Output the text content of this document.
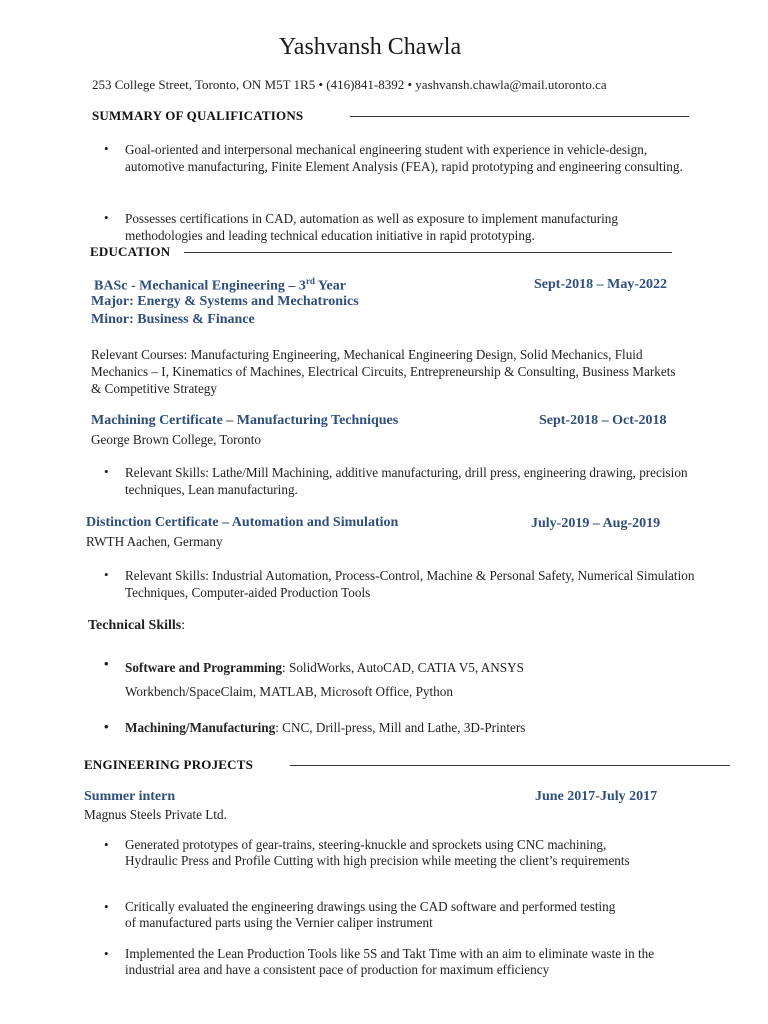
Yashvansh Chawla
253 College Street, Toronto, ON M5T 1R5 • (416)841-8392 • yashvansh.chawla@mail.utoronto.ca
SUMMARY OF QUALIFICATIONS
• Goal-oriented and interpersonal mechanical engineering student with experience in vehicle-design, automotive manufacturing, Finite Element Analysis (FEA), rapid prototyping and engineering consulting.
• Possesses certifications in CAD, automation as well as exposure to implement manufacturing methodologies and leading technical education initiative in rapid prototyping.
EDUCATION
BASc - Mechanical Engineering – 3rd Year	Sept-2018 – May-2022
Major: Energy & Systems and Mechatronics
Minor: Business & Finance
Relevant Courses: Manufacturing Engineering, Mechanical Engineering Design, Solid Mechanics, Fluid Mechanics – I, Kinematics of Machines, Electrical Circuits, Entrepreneurship & Consulting, Business Markets & Competitive Strategy
Machining Certificate – Manufacturing Techniques	Sept-2018 – Oct-2018
George Brown College, Toronto
• Relevant Skills: Lathe/Mill Machining, additive manufacturing, drill press, engineering drawing, precision techniques, Lean manufacturing.
Distinction Certificate – Automation and Simulation	July-2019 – Aug-2019
RWTH Aachen, Germany
• Relevant Skills: Industrial Automation, Process-Control, Machine & Personal Safety, Numerical Simulation Techniques, Computer-aided Production Tools
Technical Skills:
• Software and Programming: SolidWorks, AutoCAD, CATIA V5, ANSYS Workbench/SpaceClaim, MATLAB, Microsoft Office, Python
• Machining/Manufacturing: CNC, Drill-press, Mill and Lathe, 3D-Printers
ENGINEERING PROJECTS
Summer intern	June 2017-July 2017
Magnus Steels Private Ltd.
• Generated prototypes of gear-trains, steering-knuckle and sprockets using CNC machining, Hydraulic Press and Profile Cutting with high precision while meeting the client’s requirements
• Critically evaluated the engineering drawings using the CAD software and performed testing of manufactured parts using the Vernier caliper instrument
• Implemented the Lean Production Tools like 5S and Takt Time with an aim to eliminate waste in the industrial area and have a consistent pace of production for maximum efficiency
